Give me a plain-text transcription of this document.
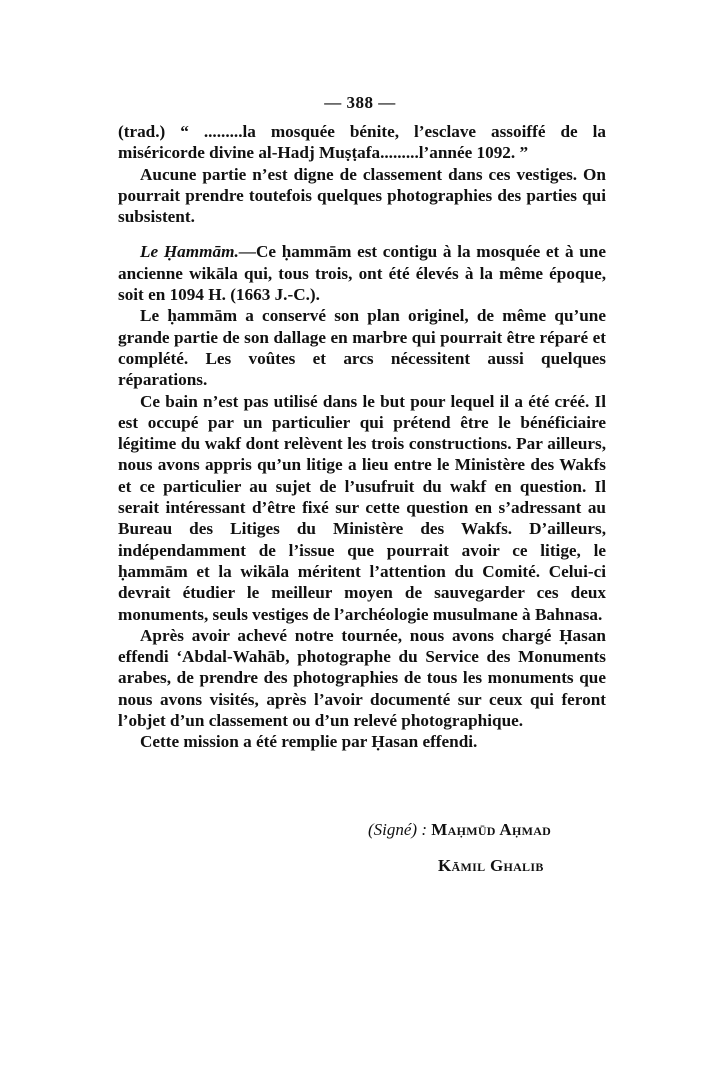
— 388 —

(trad.) “ .........la mosquée bénite, l’esclave assoiffé de la miséricorde divine al-Hadj Muṣṭafa.........l’année 1092. ”

Aucune partie n’est digne de classement dans ces vestiges. On pourrait prendre toutefois quelques photographies des parties qui subsistent.

Le Ḥammām.—Ce ḥammām est contigu à la mosquée et à une ancienne wikāla qui, tous trois, ont été élevés à la même époque, soit en 1094 H. (1663 J.-C.).

Le ḥammām a conservé son plan originel, de même qu’une grande partie de son dallage en marbre qui pourrait être réparé et complété. Les voûtes et arcs nécessitent aussi quelques réparations.

Ce bain n’est pas utilisé dans le but pour lequel il a été créé. Il est occupé par un particulier qui prétend être le bénéficiaire légitime du wakf dont relèvent les trois constructions. Par ailleurs, nous avons appris qu’un litige a lieu entre le Ministère des Wakfs et ce particulier au sujet de l’usufruit du wakf en question. Il serait intéressant d’être fixé sur cette question en s’adressant au Bureau des Litiges du Ministère des Wakfs. D’ailleurs, indépendamment de l’issue que pourrait avoir ce litige, le ḥammām et la wikāla méritent l’attention du Comité. Celui-ci devrait étudier le meilleur moyen de sauvegarder ces deux monuments, seuls vestiges de l’archéologie musulmane à Bahnasa.

Après avoir achevé notre tournée, nous avons chargé Ḥasan effendi ‘Abdal-Wahāb, photographe du Service des Monuments arabes, de prendre des photographies de tous les monuments que nous avons visités, après l’avoir documenté sur ceux qui feront l’objet d’un classement ou d’un relevé photographique.

Cette mission a été remplie par Ḥasan effendi.

(Signé) : Maḥmūd Aḥmad

Kāmil Ghalib
